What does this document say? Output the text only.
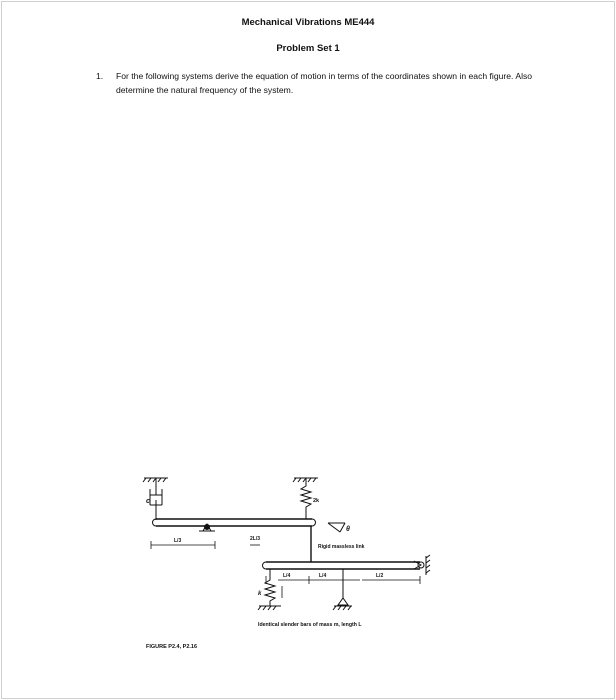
Mechanical Vibrations ME444
Problem Set 1
1. For the following systems derive the equation of motion in terms of the coordinates shown in each figure. Also determine the natural frequency of the system.
c	2k
θ
Rigid massless link
L/3	2L/3
L/4	L/4	L/2
k
Identical slender bars of mass m, length L
FIGURE P2.4, P2.16
